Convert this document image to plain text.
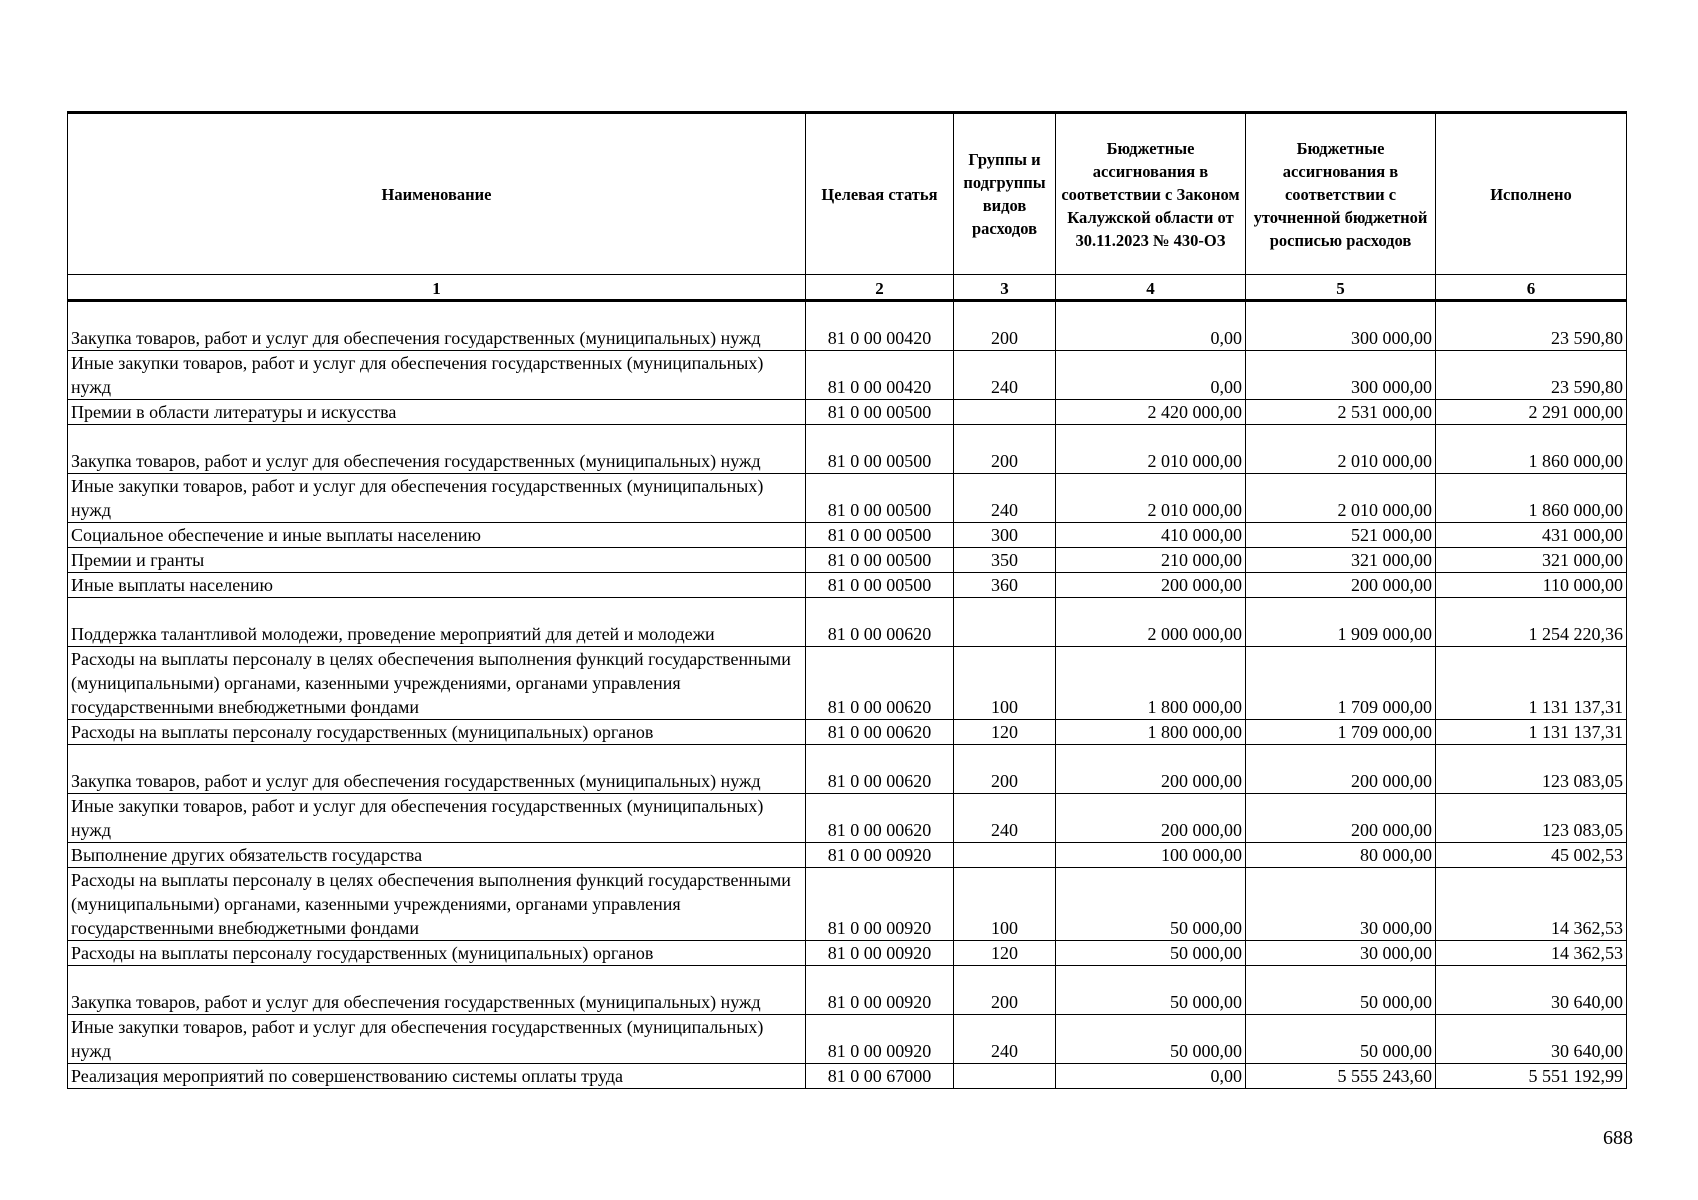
Наименование	Целевая статья	Группы и подгруппы видов расходов	Бюджетные ассигнования в соответствии с Законом Калужской области от 30.11.2023 № 430-ОЗ	Бюджетные ассигнования в соответствии с уточненной бюджетной росписью расходов	Исполнено
1	2	3	4	5	6
Закупка товаров, работ и услуг для обеспечения государственных (муниципальных) нужд	81 0 00 00420	200	0,00	300 000,00	23 590,80
Иные закупки товаров, работ и услуг для обеспечения государственных (муниципальных) нужд	81 0 00 00420	240	0,00	300 000,00	23 590,80
Премии в области литературы и искусства	81 0 00 00500		2 420 000,00	2 531 000,00	2 291 000,00
Закупка товаров, работ и услуг для обеспечения государственных (муниципальных) нужд	81 0 00 00500	200	2 010 000,00	2 010 000,00	1 860 000,00
Иные закупки товаров, работ и услуг для обеспечения государственных (муниципальных) нужд	81 0 00 00500	240	2 010 000,00	2 010 000,00	1 860 000,00
Социальное обеспечение и иные выплаты населению	81 0 00 00500	300	410 000,00	521 000,00	431 000,00
Премии и гранты	81 0 00 00500	350	210 000,00	321 000,00	321 000,00
Иные выплаты населению	81 0 00 00500	360	200 000,00	200 000,00	110 000,00
Поддержка талантливой молодежи, проведение мероприятий для детей и молодежи	81 0 00 00620		2 000 000,00	1 909 000,00	1 254 220,36
Расходы на выплаты персоналу в целях обеспечения выполнения функций государственными (муниципальными) органами, казенными учреждениями, органами управления государственными внебюджетными фондами	81 0 00 00620	100	1 800 000,00	1 709 000,00	1 131 137,31
Расходы на выплаты персоналу государственных (муниципальных) органов	81 0 00 00620	120	1 800 000,00	1 709 000,00	1 131 137,31
Закупка товаров, работ и услуг для обеспечения государственных (муниципальных) нужд	81 0 00 00620	200	200 000,00	200 000,00	123 083,05
Иные закупки товаров, работ и услуг для обеспечения государственных (муниципальных) нужд	81 0 00 00620	240	200 000,00	200 000,00	123 083,05
Выполнение других обязательств государства	81 0 00 00920		100 000,00	80 000,00	45 002,53
Расходы на выплаты персоналу в целях обеспечения выполнения функций государственными (муниципальными) органами, казенными учреждениями, органами управления государственными внебюджетными фондами	81 0 00 00920	100	50 000,00	30 000,00	14 362,53
Расходы на выплаты персоналу государственных (муниципальных) органов	81 0 00 00920	120	50 000,00	30 000,00	14 362,53
Закупка товаров, работ и услуг для обеспечения государственных (муниципальных) нужд	81 0 00 00920	200	50 000,00	50 000,00	30 640,00
Иные закупки товаров, работ и услуг для обеспечения государственных (муниципальных) нужд	81 0 00 00920	240	50 000,00	50 000,00	30 640,00
Реализация мероприятий по совершенствованию системы оплаты труда	81 0 00 67000		0,00	5 555 243,60	5 551 192,99
688
